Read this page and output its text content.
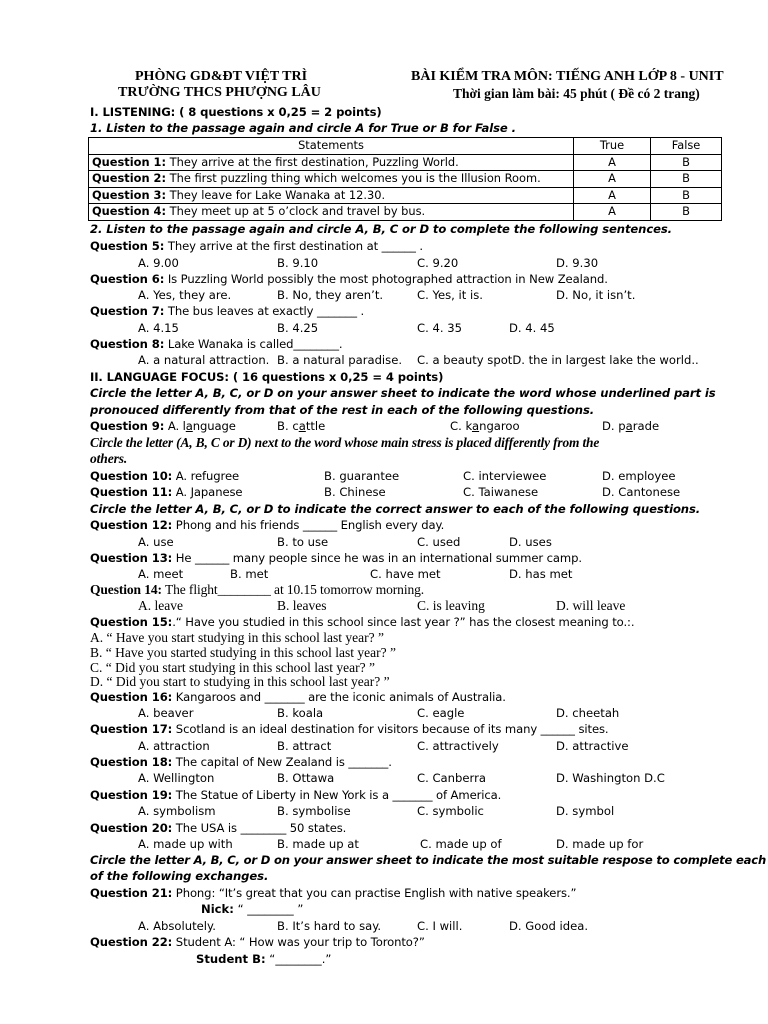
PHÒNG GD&ĐT VIỆT TRÌ
TRƯỜNG THCS PHƯỢNG LÂU
BÀI KIỂM TRA MÔN: TIẾNG ANH LỚP 8 - UNIT
Thời gian làm bài: 45 phút ( Đề có 2 trang)
I. LISTENING: ( 8 questions x 0,25 = 2 points)
1. Listen to the passage again and circle A for True or B for False .
Statements	True	False
Question 1: They arrive at the first destination, Puzzling World.	A	B
Question 2: The first puzzling thing which welcomes you is the Illusion Room.	A	B
Question 3: They leave for Lake Wanaka at 12.30.	A	B
Question 4: They meet up at 5 o’clock and travel by bus.	A	B
2. Listen to the passage again and circle A, B, C or D to complete the following sentences.
Question 5: They arrive at the first destination at ______ .
A. 9.00	B. 9.10	C. 9.20	D. 9.30
Question 6: Is Puzzling World possibly the most photographed attraction in New Zealand.
A. Yes, they are.	B. No, they aren’t.	C. Yes, it is.	D. No, it isn’t.
Question 7: The bus leaves at exactly _______ .
A. 4.15	B. 4.25	C. 4. 35	D. 4. 45
Question 8: Lake Wanaka is called________.
A. a natural attraction. B. a natural paradise. C. a beauty spotD. the in largest lake the world..
II. LANGUAGE FOCUS: ( 16 questions x 0,25 = 4 points)
Circle the letter A, B, C, or D on your answer sheet to indicate the word whose underlined part is
pronouced differently from that of the rest in each of the following questions.
Question 9: A. language	B. cattle	C. kangaroo	D. parade
Circle the letter (A, B, C or D) next to the word whose main stress is placed differently from the
others.
Question 10: A. refugree	B. guarantee	C. interviewee	D. employee
Question 11: A. Japanese	B. Chinese	C. Taiwanese	D. Cantonese
Circle the letter A, B, C, or D to indicate the correct answer to each of the following questions.
Question 12: Phong and his friends ______ English every day.
A. use	B. to use	C. used	D. uses
Question 13: He ______ many people since he was in an international summer camp.
A. meet	B. met	C. have met	D. has met
Question 14: The flight________ at 10.15 tomorrow morning.
A. leave	B. leaves	C. is leaving	D. will leave
Question 15:.“ Have you studied in this school since last year ?” has the closest meaning to.:.
A. “ Have you start studying in this school last year? ”
B. “ Have you started studying in this school last year? ”
C. “ Did you start studying in this school last year? ”
D. “ Did you start to studying in this school last year? ”
Question 16: Kangaroos and _______ are the iconic animals of Australia.
A. beaver	B. koala	C. eagle	D. cheetah
Question 17: Scotland is an ideal destination for visitors because of its many ______ sites.
A. attraction	B. attract	C. attractively	D. attractive
Question 18: The capital of New Zealand is _______.
A. Wellington	B. Ottawa	C. Canberra	D. Washington D.C
Question 19: The Statue of Liberty in New York is a _______ of America.
A. symbolism	B. symbolise	C. symbolic	D. symbol
Question 20: The USA is ________ 50 states.
A. made up with	B. made up at	C. made up of	D. made up for
Circle the letter A, B, C, or D on your answer sheet to indicate the most suitable respose to complete each
of the following exchanges.
Question 21: Phong: “It’s great that you can practise English with native speakers.”
Nick: “ ________ ”
A. Absolutely.	B. It’s hard to say.	C. I will.	D. Good idea.
Question 22: Student A: “ How was your trip to Toronto?”
Student B: “________.”
